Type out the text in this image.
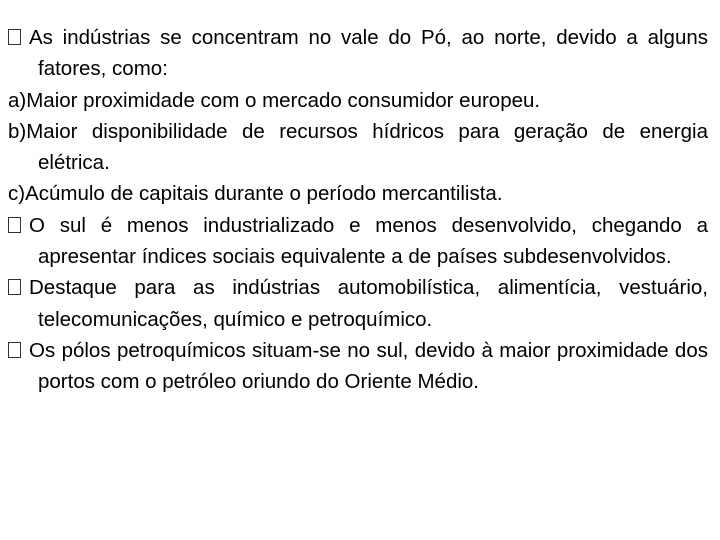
As indústrias se concentram no vale do Pó, ao norte, devido a alguns fatores, como:

a)Maior proximidade com o mercado consumidor europeu.

b)Maior disponibilidade de recursos hídricos para geração de energia elétrica.

c)Acúmulo de capitais durante o período mercantilista.

O sul é menos industrializado e menos desenvolvido, chegando a apresentar índices sociais equivalente a de países subdesenvolvidos.

Destaque para as indústrias automobilística, alimentícia, vestuário, telecomunicações, químico e petroquímico.

Os pólos petroquímicos situam-se no sul, devido à maior proximidade dos portos com o petróleo oriundo do Oriente Médio.
